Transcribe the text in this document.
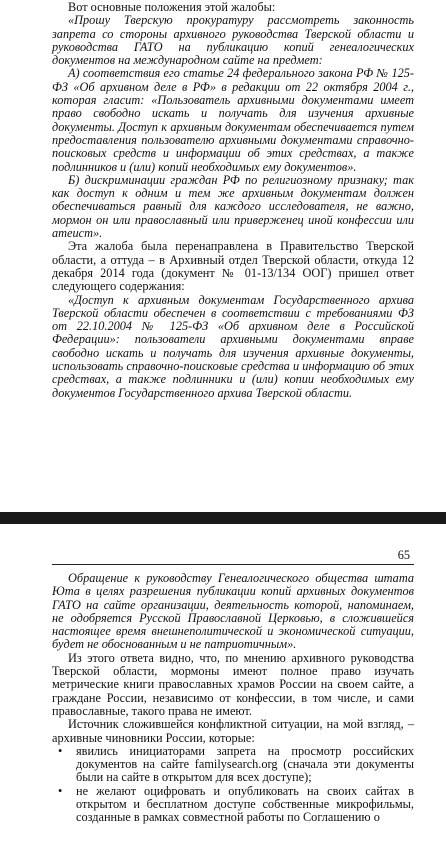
Вот основные положения этой жалобы:

«Прошу Тверскую прокуратуру рассмотреть законность запрета со стороны архивного руководства Тверской области и руководства ГАТО на публикацию копий генеалогических документов на международном сайте на предмет:

А) соответствия его статье 24 федерального закона РФ № 125-ФЗ «Об архивном деле в РФ» в редакции от 22 октября 2004 г., которая гласит: «Пользователь архивными документами имеет право свободно искать и получать для изучения архивные документы. Доступ к архивным документам обеспечивается путем предоставления пользователю архивными документами справочно-поисковых средств и информации об этих средствах, а также подлинников и (или) копий необходимых ему документов».

Б) дискриминации граждан РФ по религиозному признаку; так как доступ к одним и тем же архивным документам должен обеспечиваться равный для каждого исследователя, не важно, мормон он или православный или приверженец иной конфессии или атеист».

Эта жалоба была перенаправлена в Правительство Тверской области, а оттуда – в Архивный отдел Тверской области, откуда 12 декабря 2014 года (документ № 01-13/134 ООГ) пришел ответ следующего содержания:

«Доступ к архивным документам Государственного архива Тверской области обеспечен в соответствии с требованиями ФЗ от 22.10.2004 № 125-ФЗ «Об архивном деле в Российской Федерации»: пользователи архивными документами вправе свободно искать и получать для изучения архивные документы, использовать справочно-поисковые средства и информацию об этих средствах, а также подлинники и (или) копии необходимых ему документов Государственного архива Тверской области.

65

Обращение к руководству Генеалогического общества штата Юта в целях разрешения публикации копий архивных документов ГАТО на сайте организации, деятельность которой, напоминаем, не одобряется Русской Православной Церковью, в сложившейся настоящее время внешнеполитической и экономической ситуации, будет не обоснованным и не патриотичным».

Из этого ответа видно, что, по мнению архивного руководства Тверской области, мормоны имеют полное право изучать метрические книги православных храмов России на своем сайте, а граждане России, независимо от конфессии, в том числе, и сами православные, такого права не имеют.

Источник сложившейся конфликтной ситуации, на мой взгляд, – архивные чиновники России, которые:

• явились инициаторами запрета на просмотр российских документов на сайте familysearch.org (сначала эти документы были на сайте в открытом для всех доступе);
• не желают оцифровать и опубликовать на своих сайтах в открытом и бесплатном доступе собственные микрофильмы, созданные в рамках совместной работы по Соглашению о
